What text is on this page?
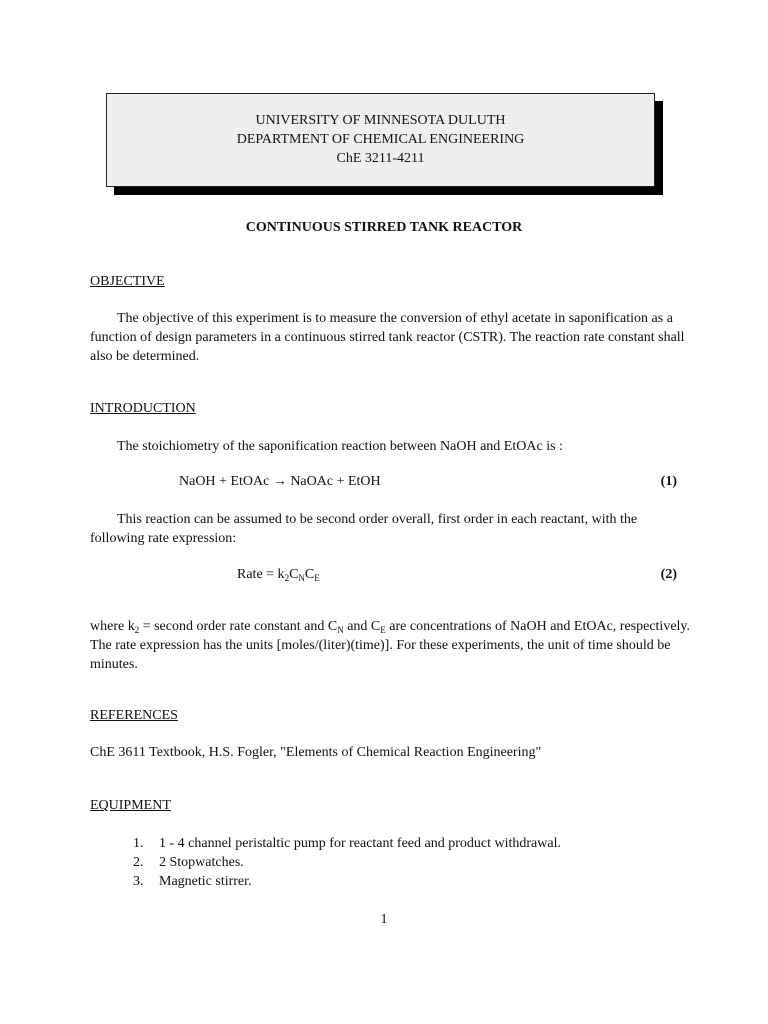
UNIVERSITY OF MINNESOTA DULUTH
DEPARTMENT OF CHEMICAL ENGINEERING
ChE 3211-4211
CONTINUOUS STIRRED TANK REACTOR
OBJECTIVE
The objective of this experiment is to measure the conversion of ethyl acetate in saponification as a function of design parameters in a continuous stirred tank reactor (CSTR). The reaction rate constant shall also be determined.
INTRODUCTION
The stoichiometry of the saponification reaction between NaOH and EtOAc is :
NaOH + EtOAc → NaOAc + EtOH	(1)
This reaction can be assumed to be second order overall, first order in each reactant, with the following rate expression:
Rate = $k_2C_NC_E$	(2)
where $k_2$ = second order rate constant and $C_N$ and $C_E$ are concentrations of NaOH and EtOAc, respectively. The rate expression has the units [moles/(liter)(time)]. For these experiments, the unit of time should be minutes.
REFERENCES
ChE 3611 Textbook, H.S. Fogler, "Elements of Chemical Reaction Engineering"
EQUIPMENT
1. 1 - 4 channel peristaltic pump for reactant feed and product withdrawal.
2. 2 Stopwatches.
3. Magnetic stirrer.
1
